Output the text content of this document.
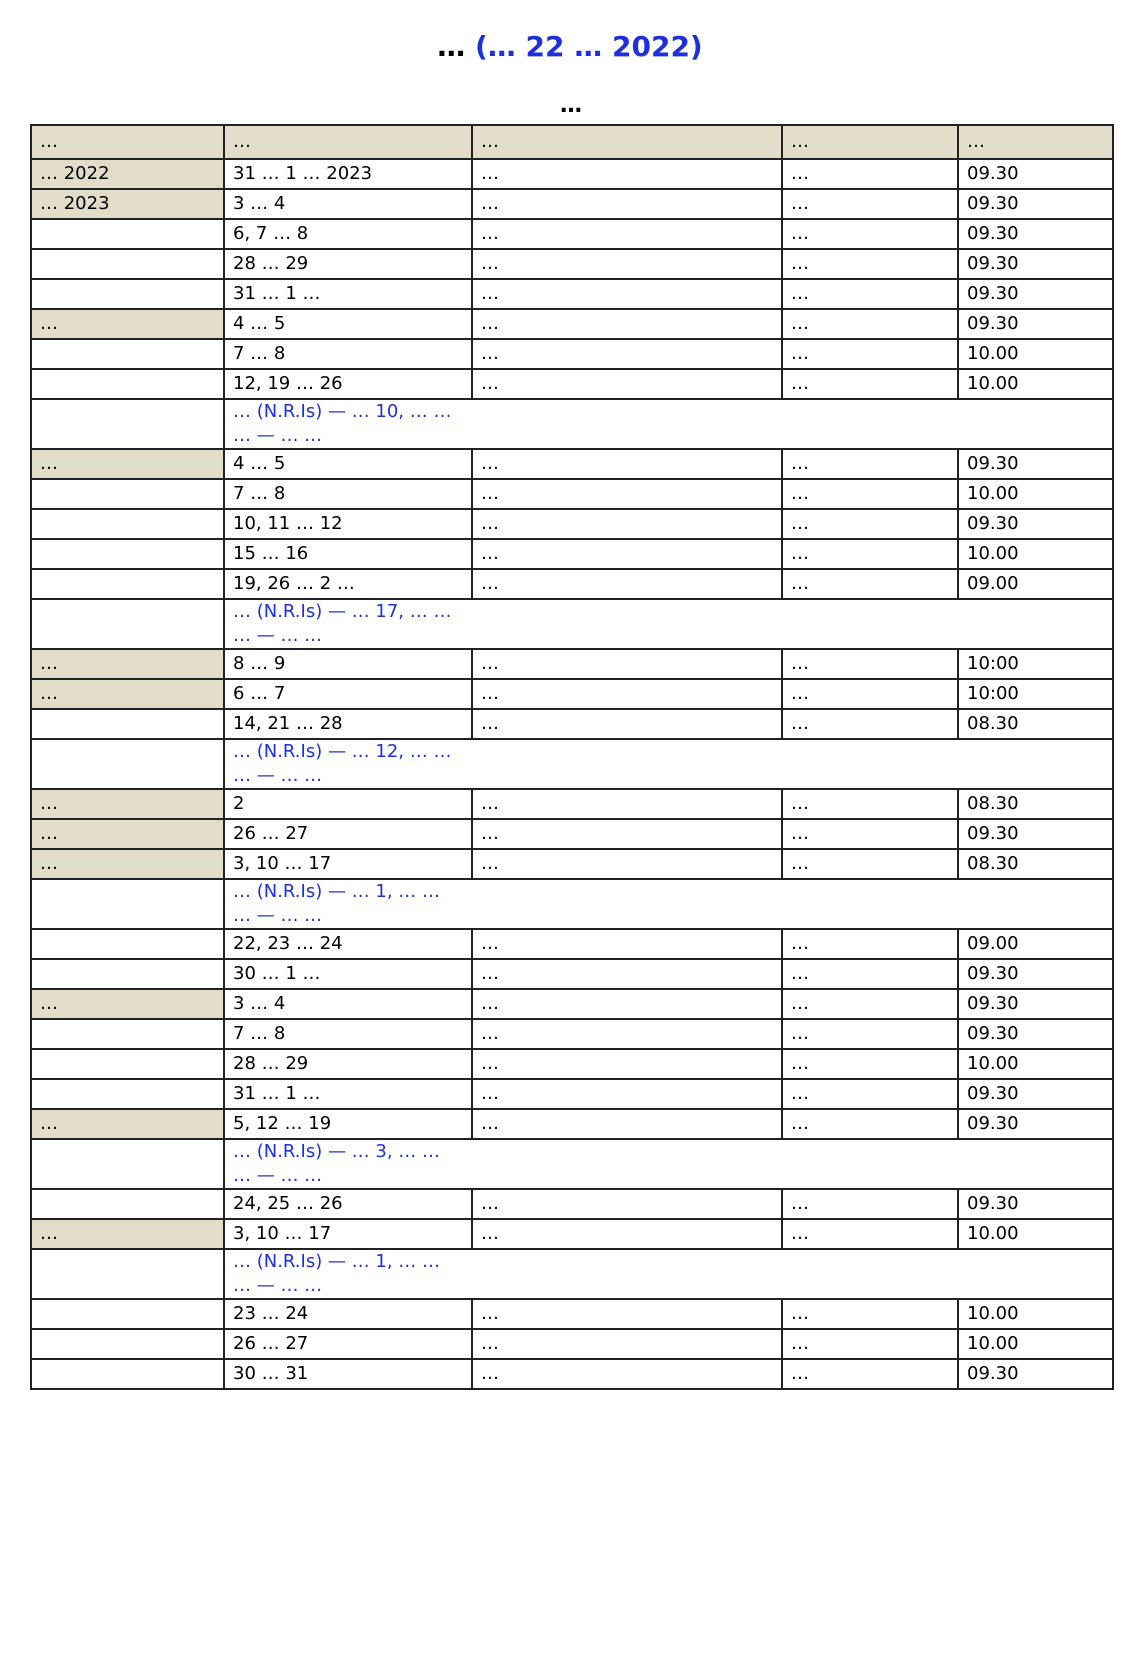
… (… 22 … 2022)
…
…	…	…	…	…
… 2022	31 … 1 … 2023	…	…	09.30
… 2023	3 … 4	…	…	09.30
	6, 7 … 8	…	…	09.30
	28 … 29	…	…	09.30
	31 … 1 …	…	…	09.30
…	4 … 5	…	…	09.30
	7 … 8	…	…	10.00
	12, 19 … 26	…	…	10.00

	… (N.R.Is) — … 10, … …
… — … …			

…	4 … 5	…	…	09.30
	7 … 8	…	…	10.00
	10, 11 … 12	…	…	09.30
	15 … 16	…	…	10.00
	19, 26 … 2 …	…	…	09.00

	… (N.R.Is) — … 17, … …
… — … …			

…	8 … 9	…	…	10:00
…	6 … 7	…	…	10:00
	14, 21 … 28	…	…	08.30

	… (N.R.Is) — … 12, … …
… — … …			

…	2	…	…	08.30
…	26 … 27	…	…	09.30
…	3, 10 … 17	…	…	08.30

	… (N.R.Is) — … 1, … …
… — … …			

	22, 23 … 24	…	…	09.00
	30 … 1 …	…	…	09.30
…	3 … 4	…	…	09.30
	7 … 8	…	…	09.30
	28 … 29	…	…	10.00
	31 … 1 …	…	…	09.30
…	5, 12 … 19	…	…	09.30

	… (N.R.Is) — … 3, … …
… — … …			

	24, 25 … 26	…	…	09.30
…	3, 10 … 17	…	…	10.00

	… (N.R.Is) — … 1, … …
… — … …			

	23 … 24	…	…	10.00
	26 … 27	…	…	10.00
	30 … 31	…	…	09.30
